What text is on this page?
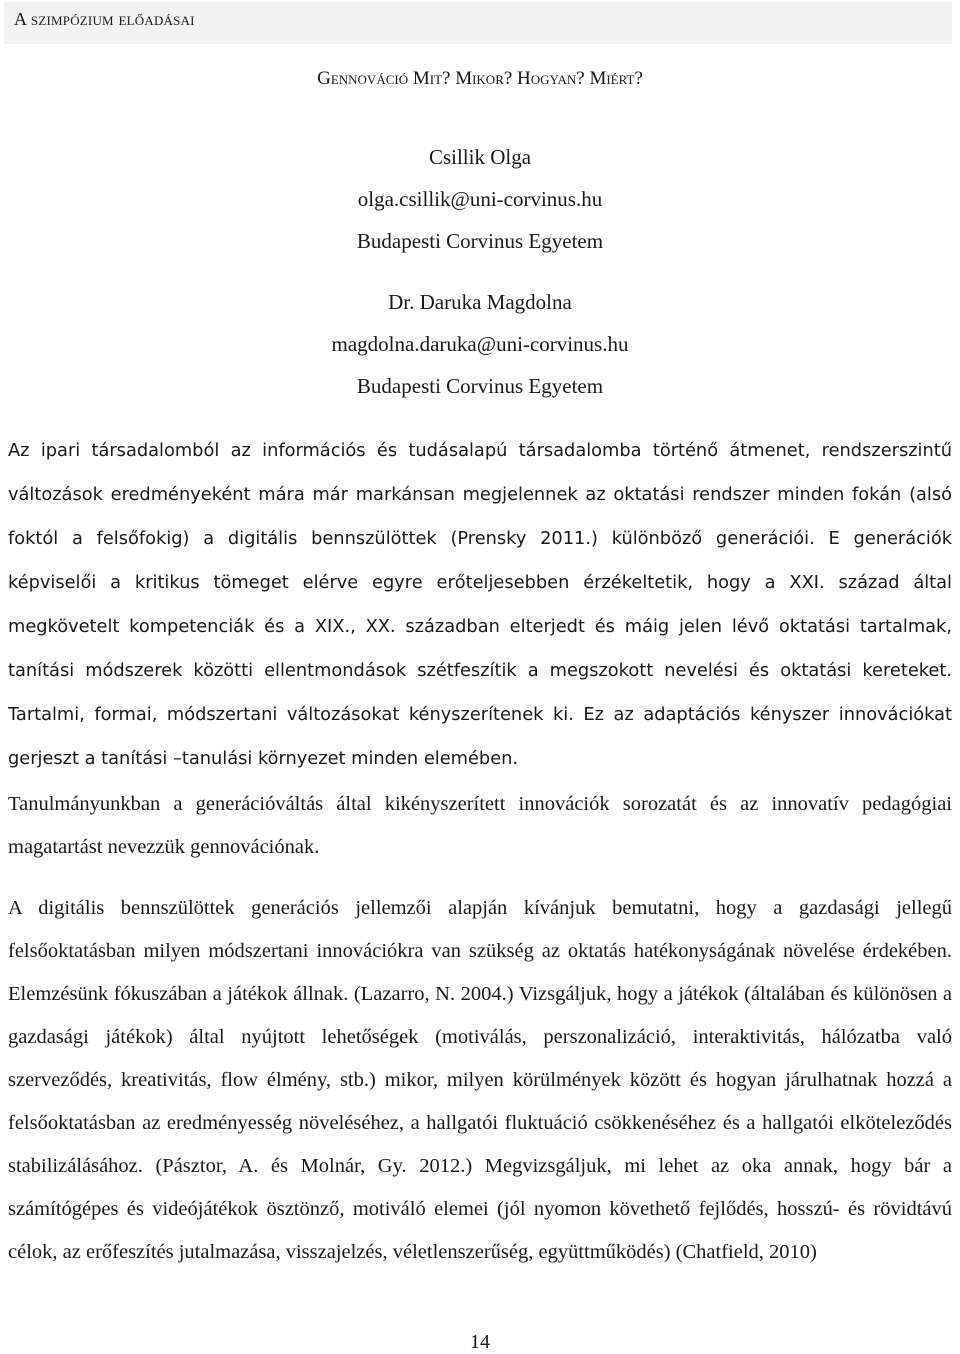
A szimpózium előadásai
Gennováció Mit? Mikor? Hogyan? Miért?
Csillik Olga
olga.csillik@uni-corvinus.hu
Budapesti Corvinus Egyetem
Dr. Daruka Magdolna
magdolna.daruka@uni-corvinus.hu
Budapesti Corvinus Egyetem

Az ipari társadalomból az információs és tudásalapú társadalomba történő átmenet, rendszerszintű változások eredményeként mára már markánsan megjelennek az oktatási rendszer minden fokán (alsó foktól a felsőfokig) a digitális bennszülöttek (Prensky 2011.) különböző generációi. E generációk képviselői a kritikus tömeget elérve egyre erőteljesebben érzékeltetik, hogy a XXI. század által megkövetelt kompetenciák és a XIX., XX. században elterjedt és máig jelen lévő oktatási tartalmak, tanítási módszerek közötti ellentmondások szétfeszítik a megszokott nevelési és oktatási kereteket. Tartalmi, formai, módszertani változásokat kényszerítenek ki. Ez az adaptációs kényszer innovációkat gerjeszt a tanítási –tanulási környezet minden elemében.

Tanulmányunkban a generációváltás által kikényszerített innovációk sorozatát és az innovatív pedagógiai magatartást nevezzük gennovációnak.

A digitális bennszülöttek generációs jellemzői alapján kívánjuk bemutatni, hogy a gazdasági jellegű felsőoktatásban milyen módszertani innovációkra van szükség az oktatás hatékonyságának növelése érdekében. Elemzésünk fókuszában a játékok állnak. (Lazarro, N. 2004.) Vizsgáljuk, hogy a játékok (általában és különösen a gazdasági játékok) által nyújtott lehetőségek (motiválás, perszonalizáció, interaktivitás, hálózatba való szerveződés, kreativitás, flow élmény, stb.) mikor, milyen körülmények között és hogyan járulhatnak hozzá a felsőoktatásban az eredményesség növeléséhez, a hallgatói fluktuáció csökkenéséhez és a hallgatói elköteleződés stabilizálásához. (Pásztor, A. és Molnár, Gy. 2012.) Megvizsgáljuk, mi lehet az oka annak, hogy bár a számítógépes és videójátékok ösztönző, motiváló elemei (jól nyomon követhető fejlődés, hosszú- és rövidtávú célok, az erőfeszítés jutalmazása, visszajelzés, véletlenszerűség, együttműködés) (Chatfield, 2010)

14
